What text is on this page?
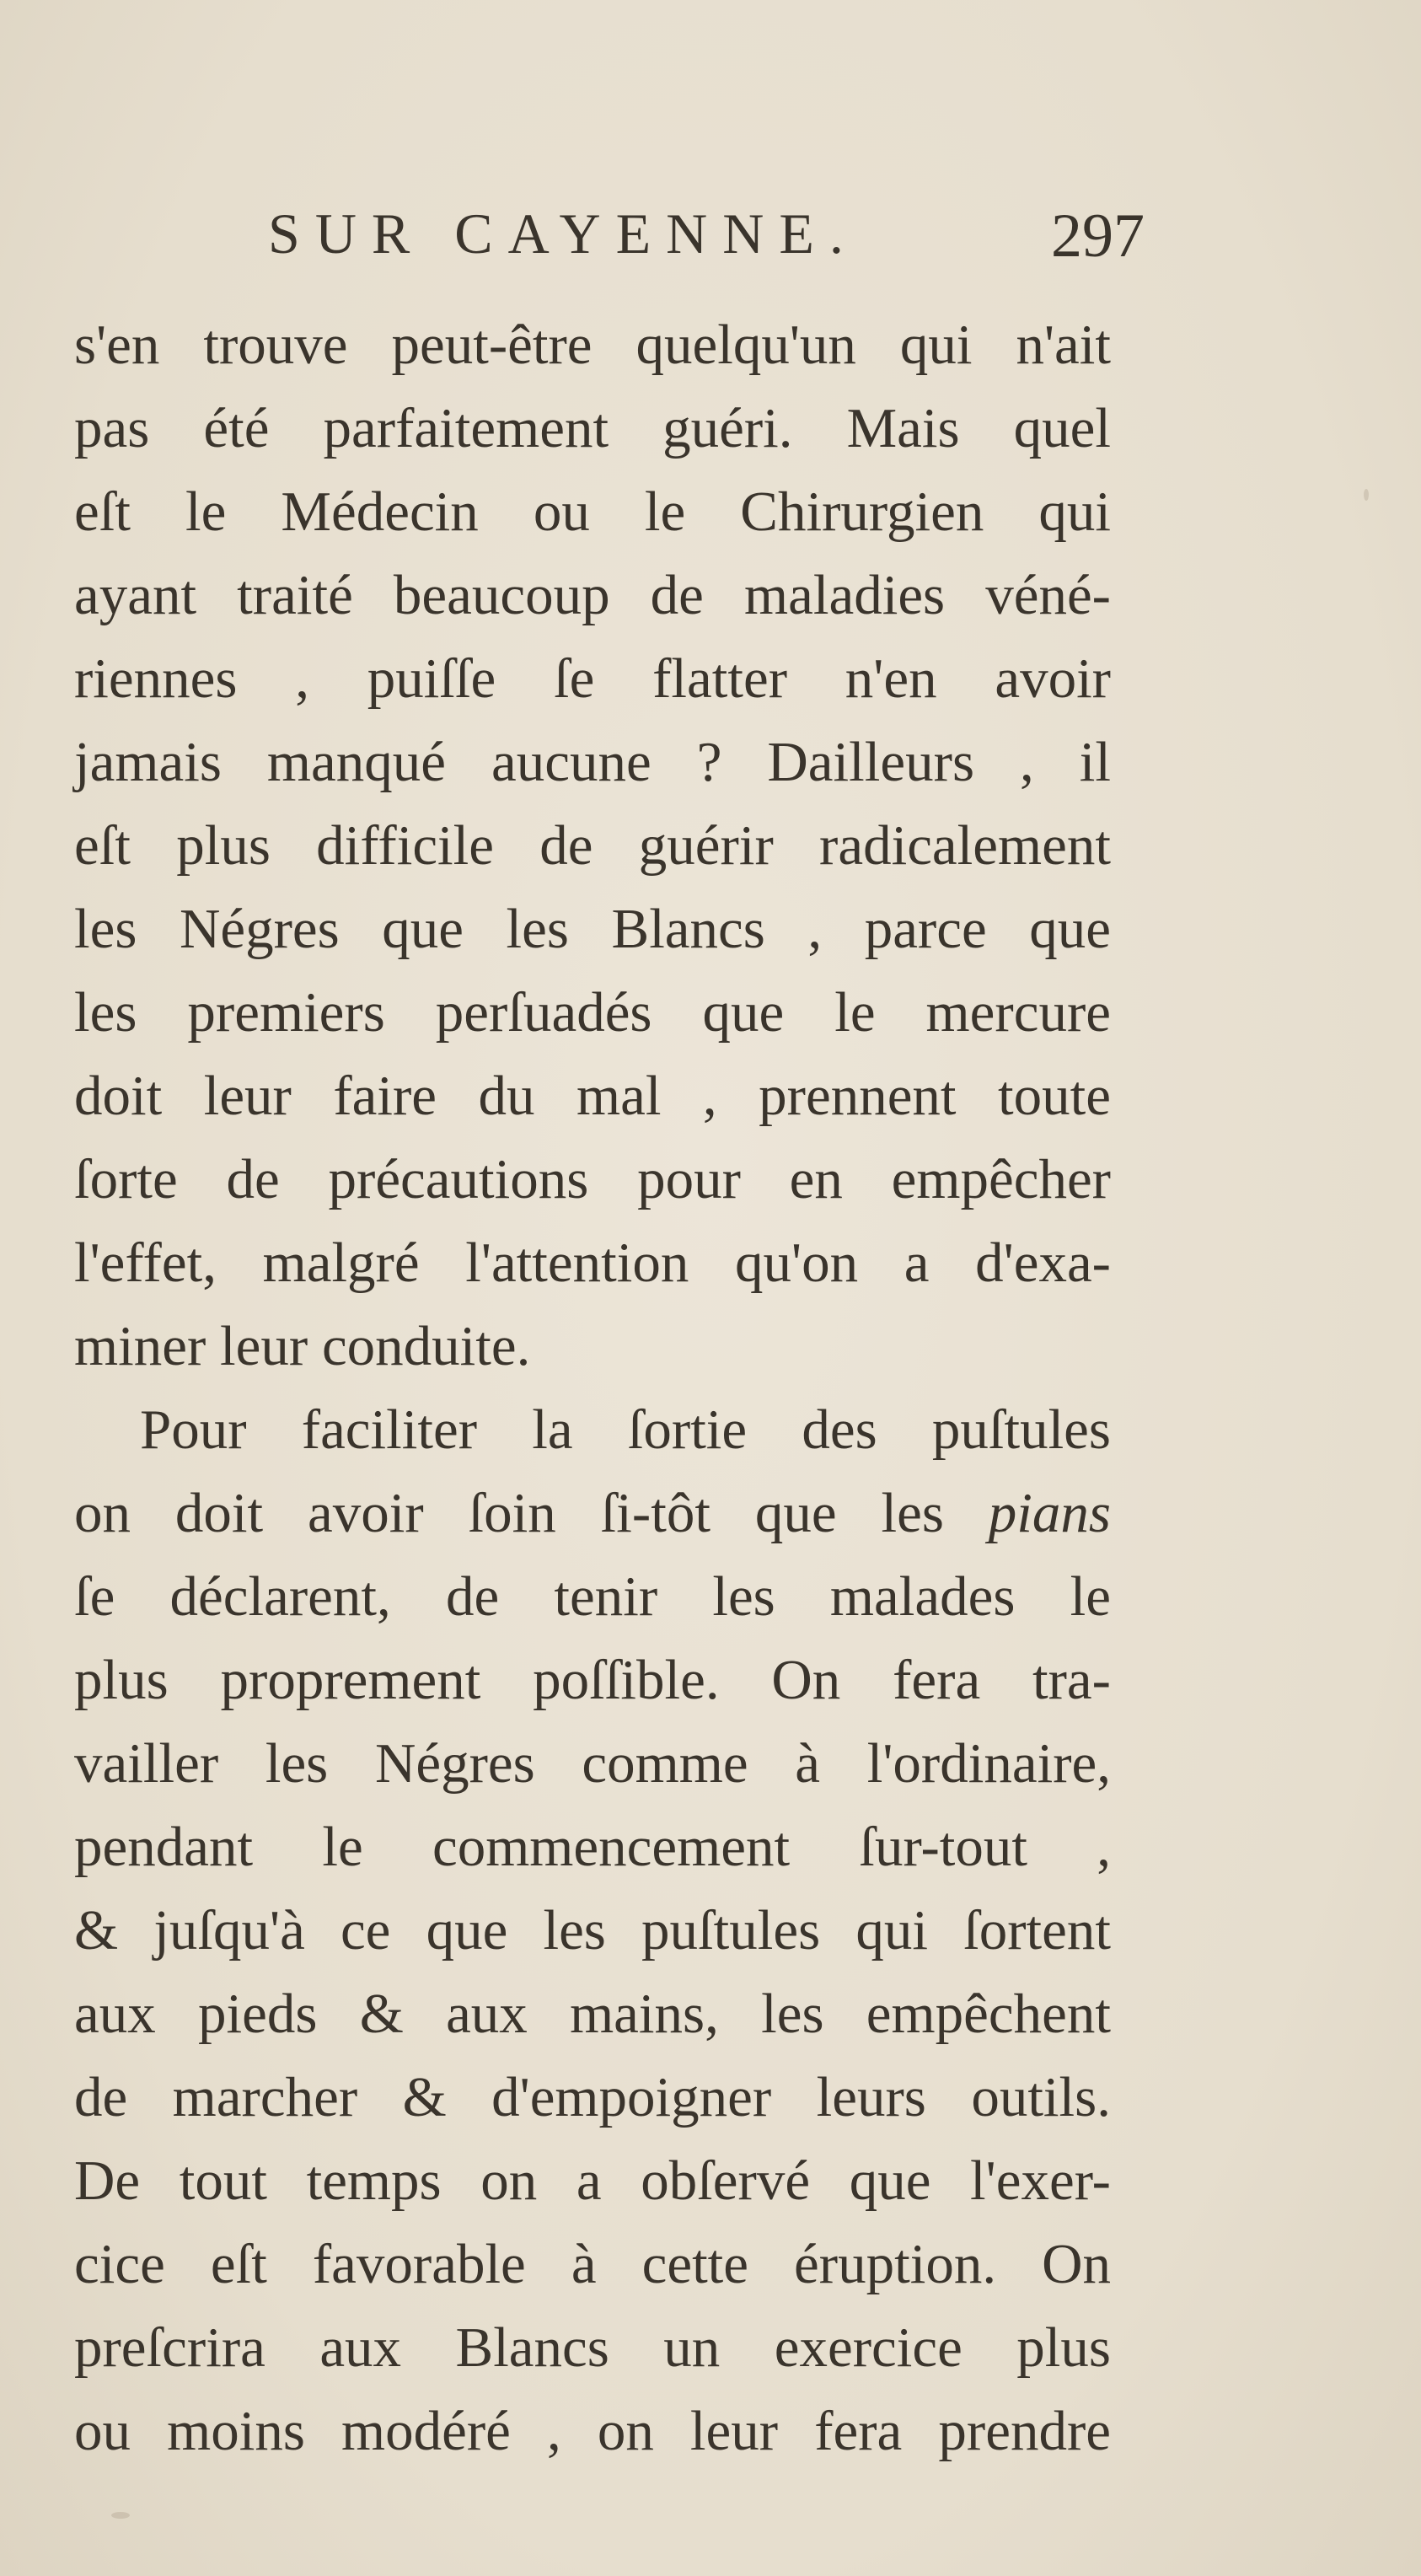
SUR CAYENNE.	297
s'en trouve peut-être quelqu'un qui n'ait
pas été parfaitement guéri. Mais quel
eſt le Médecin ou le Chirurgien qui
ayant traité beaucoup de maladies véné-
riennes , puiſſe ſe flatter n'en avoir
jamais manqué aucune ? Dailleurs , il
eſt plus difficile de guérir radicalement
les Négres que les Blancs , parce que
les premiers perſuadés que le mercure
doit leur faire du mal , prennent toute
ſorte de précautions pour en empêcher
l'effet, malgré l'attention qu'on a d'exa-
miner leur conduite.
Pour faciliter la ſortie des puſtules
on doit avoir ſoin ſi-tôt que les pians
ſe déclarent, de tenir les malades le
plus proprement poſſible. On fera tra-
vailler les Négres comme à l'ordinaire,
pendant le commencement ſur-tout ,
& juſqu'à ce que les puſtules qui ſortent
aux pieds & aux mains, les empêchent
de marcher & d'empoigner leurs outils.
De tout temps on a obſervé que l'exer-
cice eſt favorable à cette éruption. On
preſcrira aux Blancs un exercice plus
ou moins modéré , on leur fera prendre
